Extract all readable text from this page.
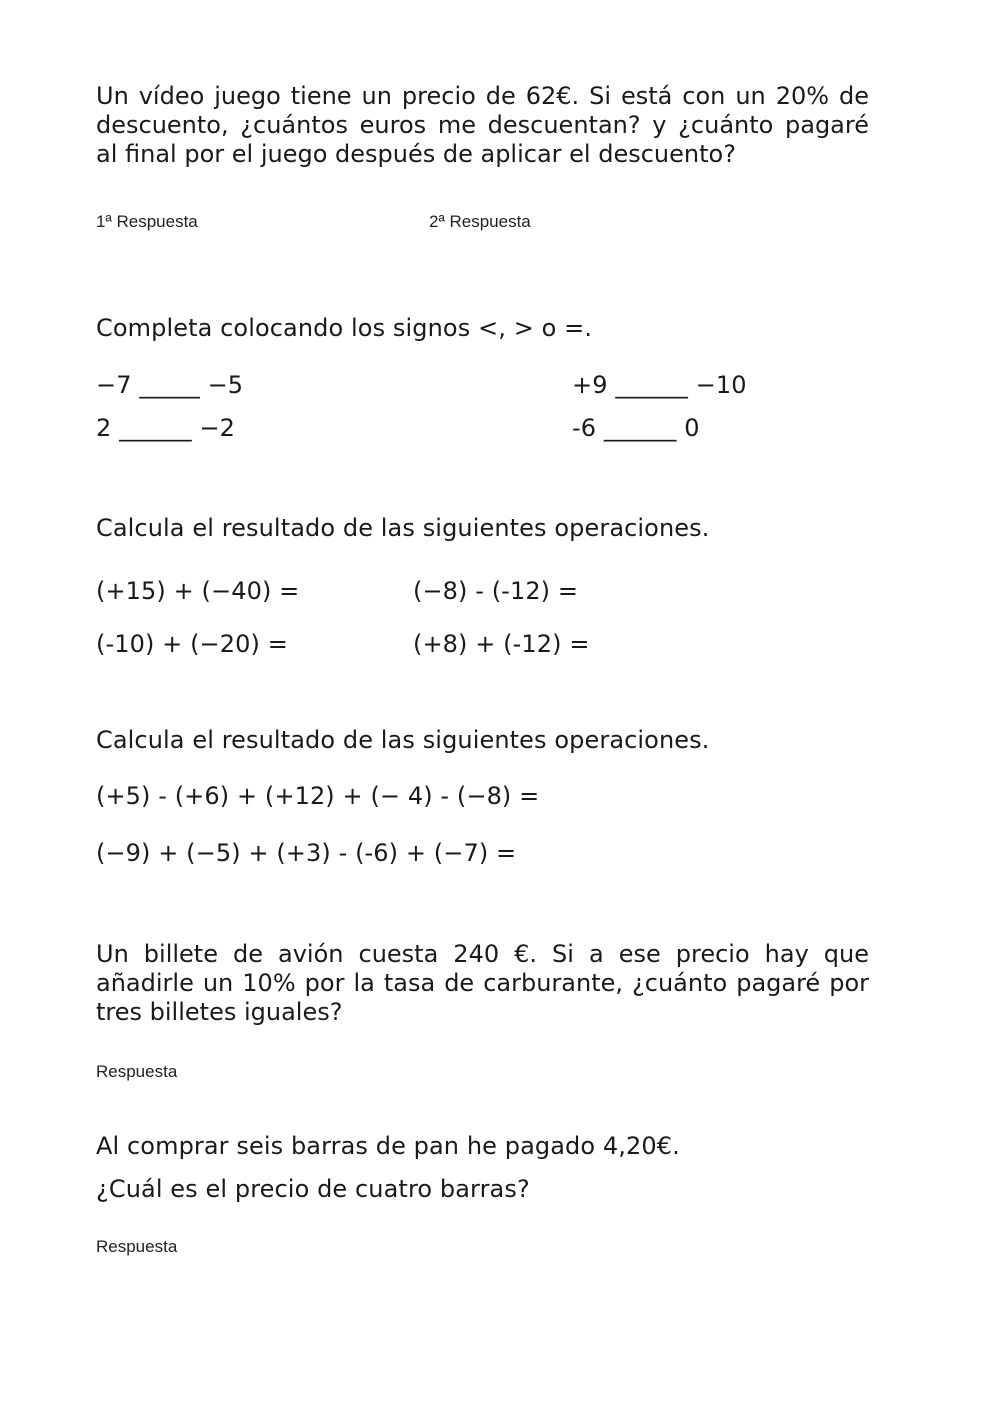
Un vídeo juego tiene un precio de 62€. Si está con un 20% de descuento, ¿cuántos euros me descuentan? y ¿cuánto pagaré al final por el juego después de aplicar el descuento?
1ª Respuesta	2ª Respuesta
Completa colocando los signos <, > o =.
−7 _____ −5	+9 ______ −10
2 ______ −2	-6 ______ 0
Calcula el resultado de las siguientes operaciones.
(+15) + (−40) =	(−8) - (-12) =
(-10) + (−20) =	(+8) + (-12) =
Calcula el resultado de las siguientes operaciones.
(+5) - (+6) + (+12) + (− 4) - (−8) =
(−9) + (−5) + (+3) - (-6) + (−7) =
Un billete de avión cuesta 240 €. Si a ese precio hay que añadirle un 10% por la tasa de carburante, ¿cuánto pagaré por tres billetes iguales?
Respuesta
Al comprar seis barras de pan he pagado 4,20€.
¿Cuál es el precio de cuatro barras?
Respuesta
